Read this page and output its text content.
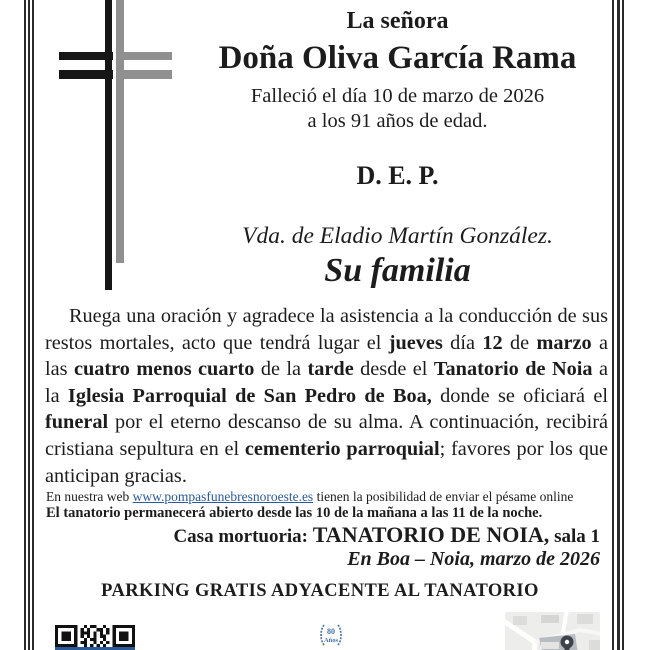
La señora
Doña Oliva García Rama
Falleció el día 10 de marzo de 2026
a los 91 años de edad.
D. E. P.
Vda. de Eladio Martín González.
Su familia
Ruega una oración y agradece la asistencia a la conducción de sus restos mortales, acto que tendrá lugar el jueves día 12 de marzo a las cuatro menos cuarto de la tarde desde el Tanatorio de Noia a la Iglesia Parroquial de San Pedro de Boa, donde se oficiará el funeral por el eterno descanso de su alma. A continuación, recibirá cristiana sepultura en el cementerio parroquial; favores por los que anticipan gracias.
En nuestra web www.pompasfunebresnoroeste.es tienen la posibilidad de enviar el pésame online
El tanatorio permanecerá abierto desde las 10 de la mañana a las 11 de la noche.
Casa mortuoria: TANATORIO DE NOIA, sala 1
En Boa – Noia, marzo de 2026
PARKING GRATIS ADYACENTE AL TANATORIO
80
Años
